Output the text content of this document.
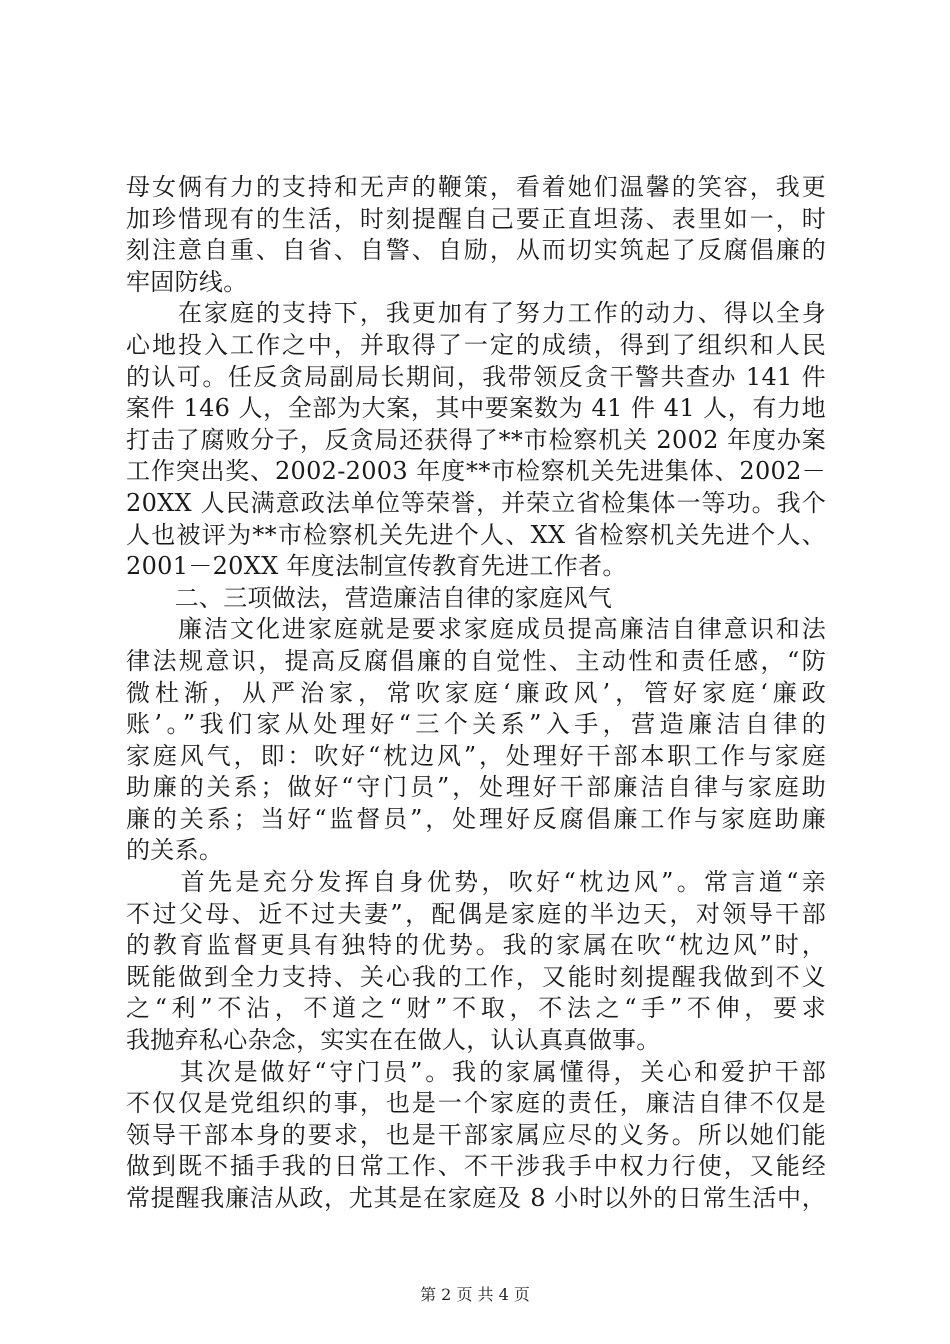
母女俩有力的支持和无声的鞭策，看着她们温馨的笑容，我更
加珍惜现有的生活，时刻提醒自己要正直坦荡、表里如一，时
刻注意自重、自省、自警、自励，从而切实筑起了反腐倡廉的
牢固防线。
　　在家庭的支持下，我更加有了努力工作的动力、得以全身
心地投入工作之中，并取得了一定的成绩，得到了组织和人民
的认可。任反贪局副局长期间，我带领反贪干警共查办 141 件
案件 146 人，全部为大案，其中要案数为 41 件 41 人，有力地
打击了腐败分子，反贪局还获得了**市检察机关 2002 年度办案
工作突出奖、2002-2003 年度**市检察机关先进集体、2002－
20XX 人民满意政法单位等荣誉，并荣立省检集体一等功。我个
人也被评为**市检察机关先进个人、XX 省检察机关先进个人、
2001－20XX 年度法制宣传教育先进工作者。
　　二、三项做法，营造廉洁自律的家庭风气
　　廉洁文化进家庭就是要求家庭成员提高廉洁自律意识和法
律法规意识，提高反腐倡廉的自觉性、主动性和责任感，“防
微杜渐，从严治家，常吹家庭‘廉政风’，管好家庭‘廉政
账’。”我们家从处理好“三个关系”入手，营造廉洁自律的
家庭风气，即：吹好“枕边风”，处理好干部本职工作与家庭
助廉的关系；做好“守门员”，处理好干部廉洁自律与家庭助
廉的关系；当好“监督员”，处理好反腐倡廉工作与家庭助廉
的关系。
　　首先是充分发挥自身优势，吹好“枕边风”。常言道“亲
不过父母、近不过夫妻”，配偶是家庭的半边天，对领导干部
的教育监督更具有独特的优势。我的家属在吹“枕边风”时，
既能做到全力支持、关心我的工作，又能时刻提醒我做到不义
之“利”不沾，不道之“财”不取，不法之“手”不伸，要求
我抛弃私心杂念，实实在在做人，认认真真做事。
　　其次是做好“守门员”。我的家属懂得，关心和爱护干部
不仅仅是党组织的事，也是一个家庭的责任，廉洁自律不仅是
领导干部本身的要求，也是干部家属应尽的义务。所以她们能
做到既不插手我的日常工作、不干涉我手中权力行使，又能经
常提醒我廉洁从政，尤其是在家庭及 8 小时以外的日常生活中，
第 2 页 共 4 页
